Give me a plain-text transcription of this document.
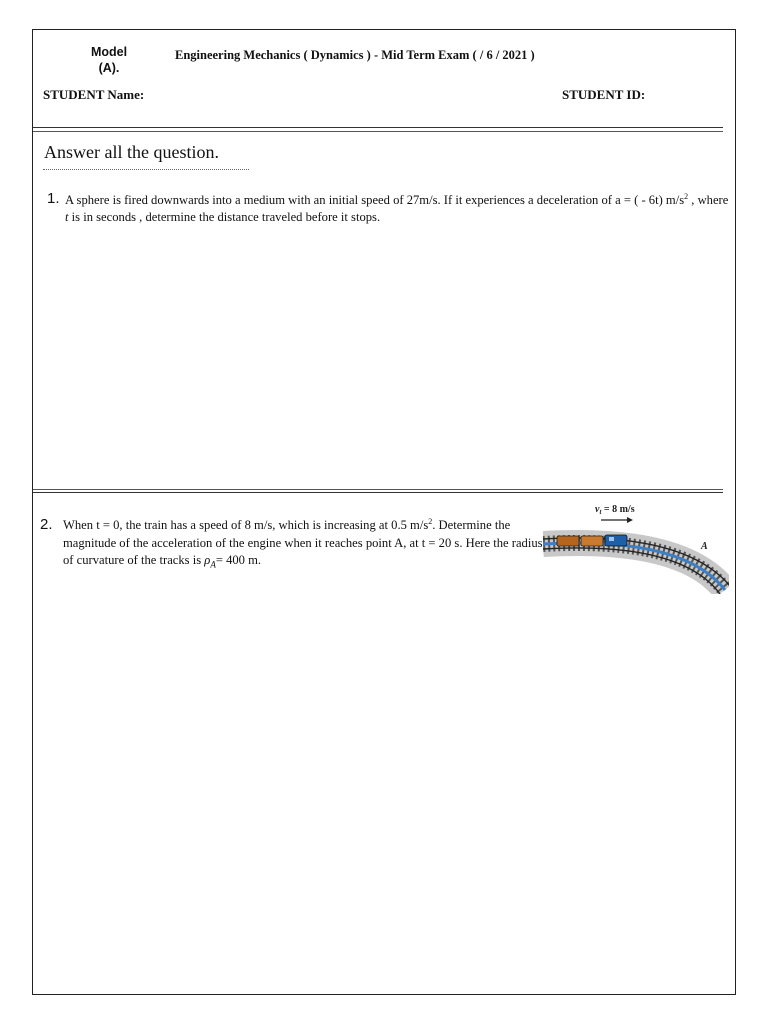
Model
(A).
Engineering Mechanics ( Dynamics ) - Mid Term Exam ( / 6 / 2021 )
STUDENT Name:	STUDENT ID:
Answer all the question.
1. A sphere is fired downwards into a medium with an initial speed of 27m/s. If it experiences a deceleration of a = ( - 6t) $m/s^2$ , where t is in seconds , determine the distance traveled before it stops.
2. When t = 0, the train has a speed of 8 m/s, which is increasing at 0.5 $m/s^2$. Determine the magnitude of the acceleration of the engine when it reaches point A, at t = 20 s. Here the radius of curvature of the tracks is $\rho_A= 400$ m.
$v_t = 8$ m/s
A
